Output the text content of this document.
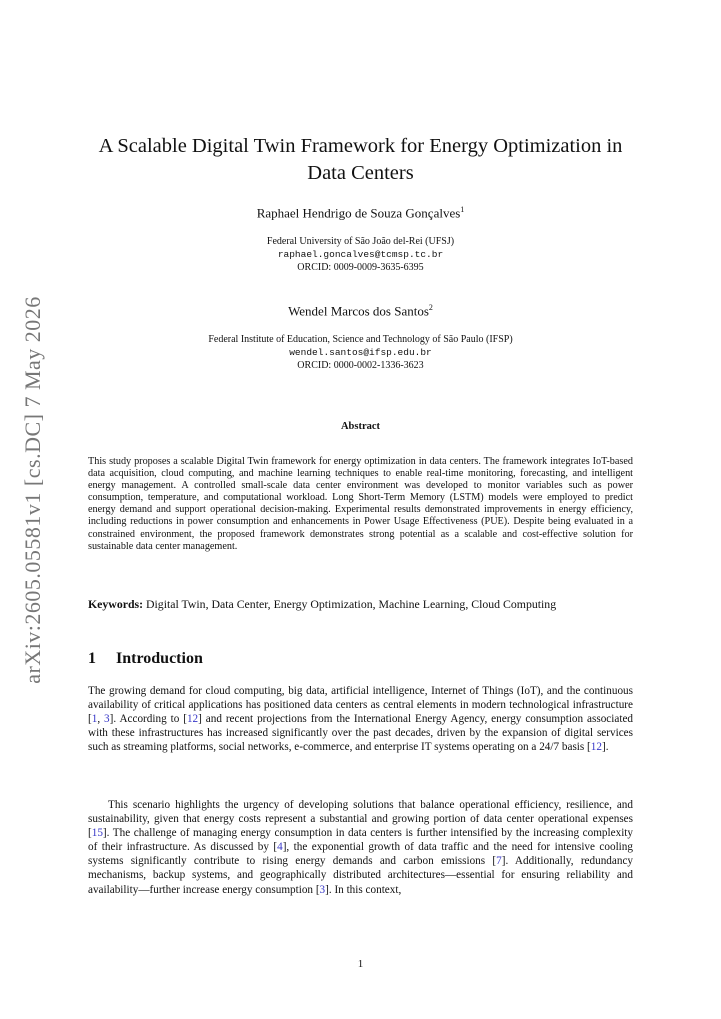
arXiv:2605.05581v1 [cs.DC] 7 May 2026
A Scalable Digital Twin Framework for Energy Optimization in
Data Centers
Raphael Hendrigo de Souza Gonçalves$^1$
Federal University of São João del-Rei (UFSJ)
raphael.goncalves@tcmsp.tc.br
ORCID: 0009-0009-3635-6395
Wendel Marcos dos Santos$^2$
Federal Institute of Education, Science and Technology of São Paulo (IFSP)
wendel.santos@ifsp.edu.br
ORCID: 0000-0002-1336-3623
Abstract
This study proposes a scalable Digital Twin framework for energy optimization in data centers. The framework integrates IoT-based data acquisition, cloud computing, and machine learning techniques to enable real-time monitoring, forecasting, and intelligent energy management. A controlled small-scale data center environment was developed to monitor variables such as power consumption, temperature, and computational workload. Long Short-Term Memory (LSTM) models were employed to predict energy demand and support operational decision-making. Experimental results demonstrated improvements in energy efficiency, including reductions in power consumption and enhancements in Power Usage Effectiveness (PUE). Despite being evaluated in a constrained environment, the proposed framework demonstrates strong potential as a scalable and cost-effective solution for sustainable data center management.
Keywords: Digital Twin, Data Center, Energy Optimization, Machine Learning, Cloud Computing
1 Introduction
The growing demand for cloud computing, big data, artificial intelligence, Internet of Things (IoT), and the continuous availability of critical applications has positioned data centers as central elements in modern technological infrastructure [1, 3]. According to [12] and recent projections from the International Energy Agency, energy consumption associated with these infrastructures has increased significantly over the past decades, driven by the expansion of digital services such as streaming platforms, social networks, e-commerce, and enterprise IT systems operating on a 24/7 basis [12].
This scenario highlights the urgency of developing solutions that balance operational efficiency, resilience, and sustainability, given that energy costs represent a substantial and growing portion of data center operational expenses [15]. The challenge of managing energy consumption in data centers is further intensified by the increasing complexity of their infrastructure. As discussed by [4], the exponential growth of data traffic and the need for intensive cooling systems significantly contribute to rising energy demands and carbon emissions [7]. Additionally, redundancy mechanisms, backup systems, and geographically distributed architectures—essential for ensuring reliability and availability—further increase energy consumption [3]. In this context,
1
